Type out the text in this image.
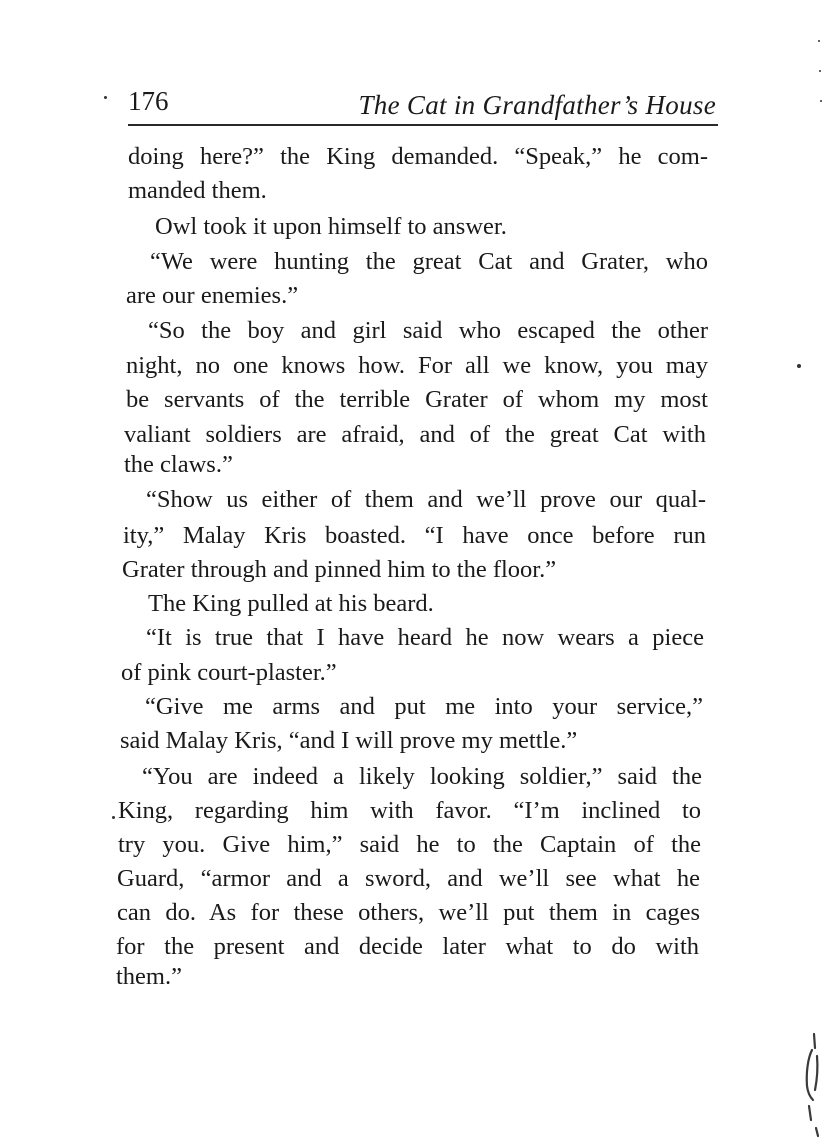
176	The Cat in Grandfather’s House
doing here?” the King demanded. “Speak,” he com-
manded them.
Owl took it upon himself to answer.
“We were hunting the great Cat and Grater, who
are our enemies.”
“So the boy and girl said who escaped the other
night, no one knows how. For all we know, you may
be servants of the terrible Grater of whom my most
valiant soldiers are afraid, and of the great Cat with
the claws.”
“Show us either of them and we’ll prove our qual-
ity,” Malay Kris boasted. “I have once before run
Grater through and pinned him to the floor.”
The King pulled at his beard.
“It is true that I have heard he now wears a piece
of pink court-plaster.”
“Give me arms and put me into your service,”
said Malay Kris, “and I will prove my mettle.”
“You are indeed a likely looking soldier,” said the
King, regarding him with favor. “I’m inclined to
try you. Give him,” said he to the Captain of the
Guard, “armor and a sword, and we’ll see what he
can do. As for these others, we’ll put them in cages
for the present and decide later what to do with
them.”
